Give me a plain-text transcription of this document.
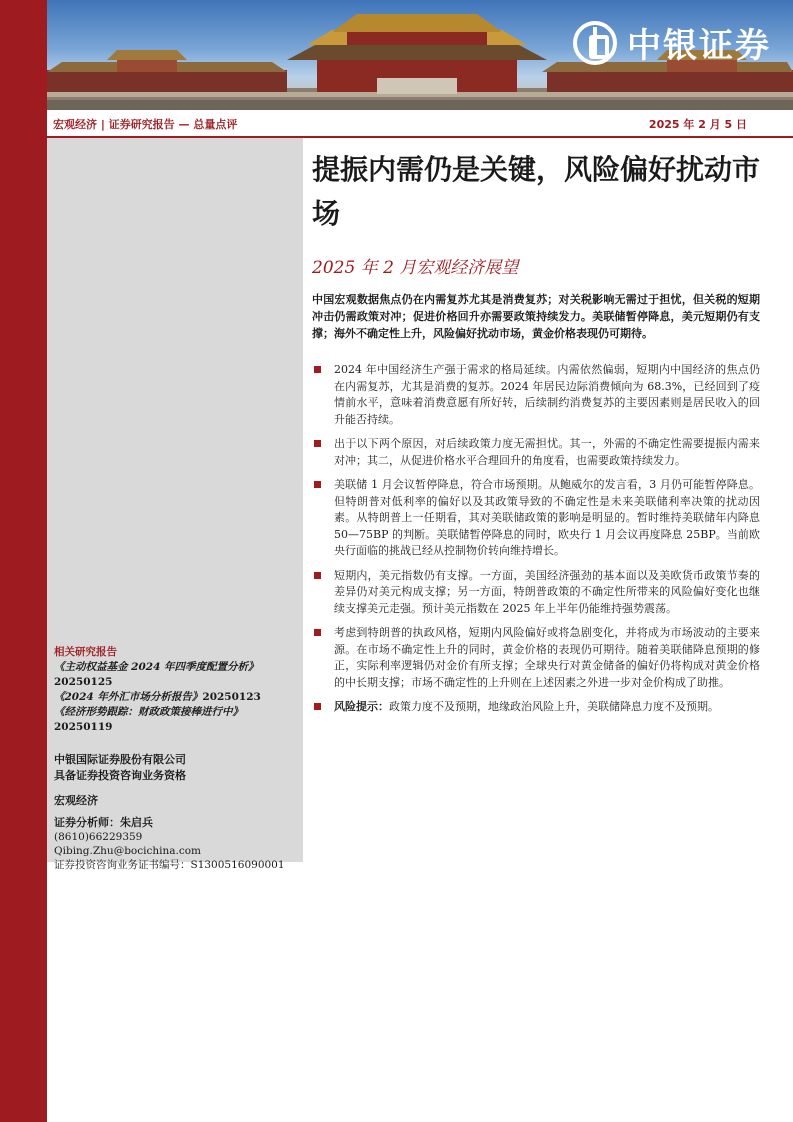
中银证券
宏观经济 | 证券研究报告 — 总量点评	2025 年 2 月 5 日
提振内需仍是关键，风险偏好扰动市场
2025 年 2 月宏观经济展望
中国宏观数据焦点仍在内需复苏尤其是消费复苏；对关税影响无需过于担忧，但关税的短期冲击仍需政策对冲；促进价格回升亦需要政策持续发力。美联储暂停降息，美元短期仍有支撑；海外不确定性上升，风险偏好扰动市场，黄金价格表现仍可期待。
2024 年中国经济生产强于需求的格局延续。内需依然偏弱，短期内中国经济的焦点仍在内需复苏，尤其是消费的复苏。2024 年居民边际消费倾向为 68.3%，已经回到了疫情前水平，意味着消费意愿有所好转，后续制约消费复苏的主要因素则是居民收入的回升能否持续。
出于以下两个原因，对后续政策力度无需担忧。其一，外需的不确定性需要提振内需来对冲；其二，从促进价格水平合理回升的角度看，也需要政策持续发力。
美联储 1 月会议暂停降息，符合市场预期。从鲍威尔的发言看，3 月仍可能暂停降息。但特朗普对低利率的偏好以及其政策导致的不确定性是未来美联储利率决策的扰动因素。从特朗普上一任期看，其对美联储政策的影响是明显的。暂时维持美联储年内降息 50—75BP 的判断。美联储暂停降息的同时，欧央行 1 月会议再度降息 25BP。当前欧央行面临的挑战已经从控制物价转向维持增长。
短期内，美元指数仍有支撑。一方面，美国经济强劲的基本面以及美欧货币政策节奏的差异仍对美元构成支撑；另一方面，特朗普政策的不确定性所带来的风险偏好变化也继续支撑美元走强。预计美元指数在 2025 年上半年仍能维持强势震荡。
考虑到特朗普的执政风格，短期内风险偏好或将急剧变化，并将成为市场波动的主要来源。在市场不确定性上升的同时，黄金价格的表现仍可期待。随着美联储降息预期的修正，实际利率逻辑仍对金价有所支撑；全球央行对黄金储备的偏好仍将构成对黄金价格的中长期支撑；市场不确定性的上升则在上述因素之外进一步对金价构成了助推。
风险提示：政策力度不及预期，地缘政治风险上升，美联储降息力度不及预期。
相关研究报告
《主动权益基金 2024 年四季度配置分析》
20250125
《2024 年外汇市场分析报告》20250123
《经济形势跟踪：财政政策接棒进行中》
20250119
中银国际证券股份有限公司
具备证券投资咨询业务资格
宏观经济
证券分析师：朱启兵
(8610)66229359
Qibing.Zhu@bocichina.com
证券投资咨询业务证书编号：S1300516090001
